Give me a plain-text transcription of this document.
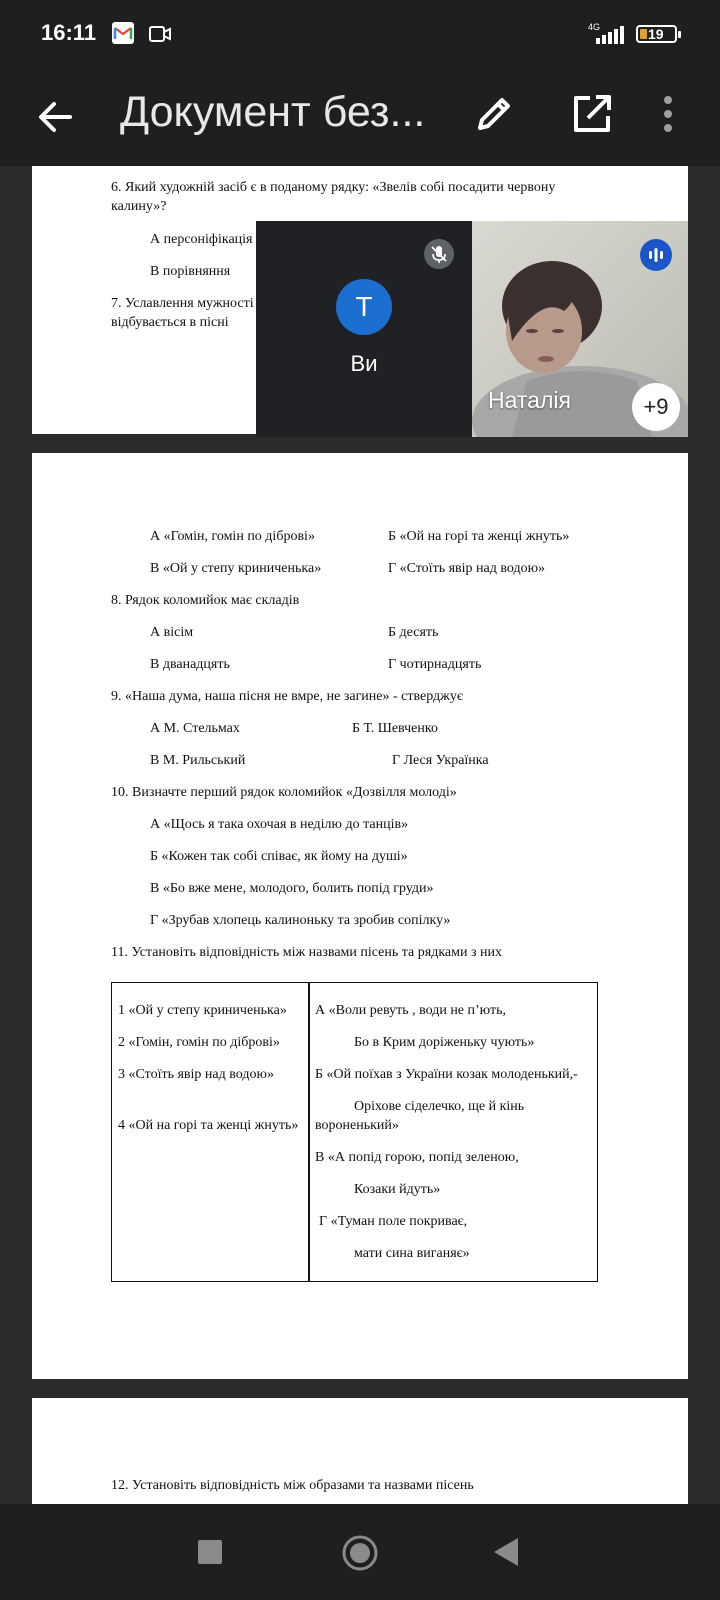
16:11	4G	19
Документ без...
6. Який художній засіб є в поданому рядку: «Звелів собі посадити червону
калину»?
А персоніфікація
В порівняння
7. Уславлення мужності
відбувається в пісні
T
Ви
Наталія	+9
А «Гомін, гомін по діброві»	Б «Ой на горі та женці жнуть»
В «Ой у степу криниченька»	Г «Стоїть явір над водою»
8. Рядок коломийок має складів
А вісім	Б десять
В дванадцять	Г чотирнадцять
9. «Наша дума, наша пісня не вмре, не загине» - стверджує
А М. Стельмах	Б Т. Шевченко
В М. Рильський	Г Леся Українка
10. Визначте перший рядок коломийок «Дозвілля молоді»
А «Щось я така охочая в неділю до танців»
Б «Кожен так собі співає, як йому на душі»
В «Бо вже мене, молодого, болить попід груди»
Г «Зрубав хлопець калиноньку та зробив сопілку»
11. Установіть відповідність між назвами пісень та рядками з них
1 «Ой у степу криниченька»
2 «Гомін, гомін по діброві»
3 «Стоїть явір над водою»
4 «Ой на горі та женці жнуть»
А «Воли ревуть , води не п’ють,
Бо в Крим доріженьку чують»
Б «Ой поїхав з України козак молоденький,-
Оріхове сіделечко, ще й кінь
вороненький»
В «А попід горою, попід зеленою,
Козаки йдуть»
Г «Туман поле покриває,
мати сина виганяє»
12. Установіть відповідність між образами та назвами пісень
